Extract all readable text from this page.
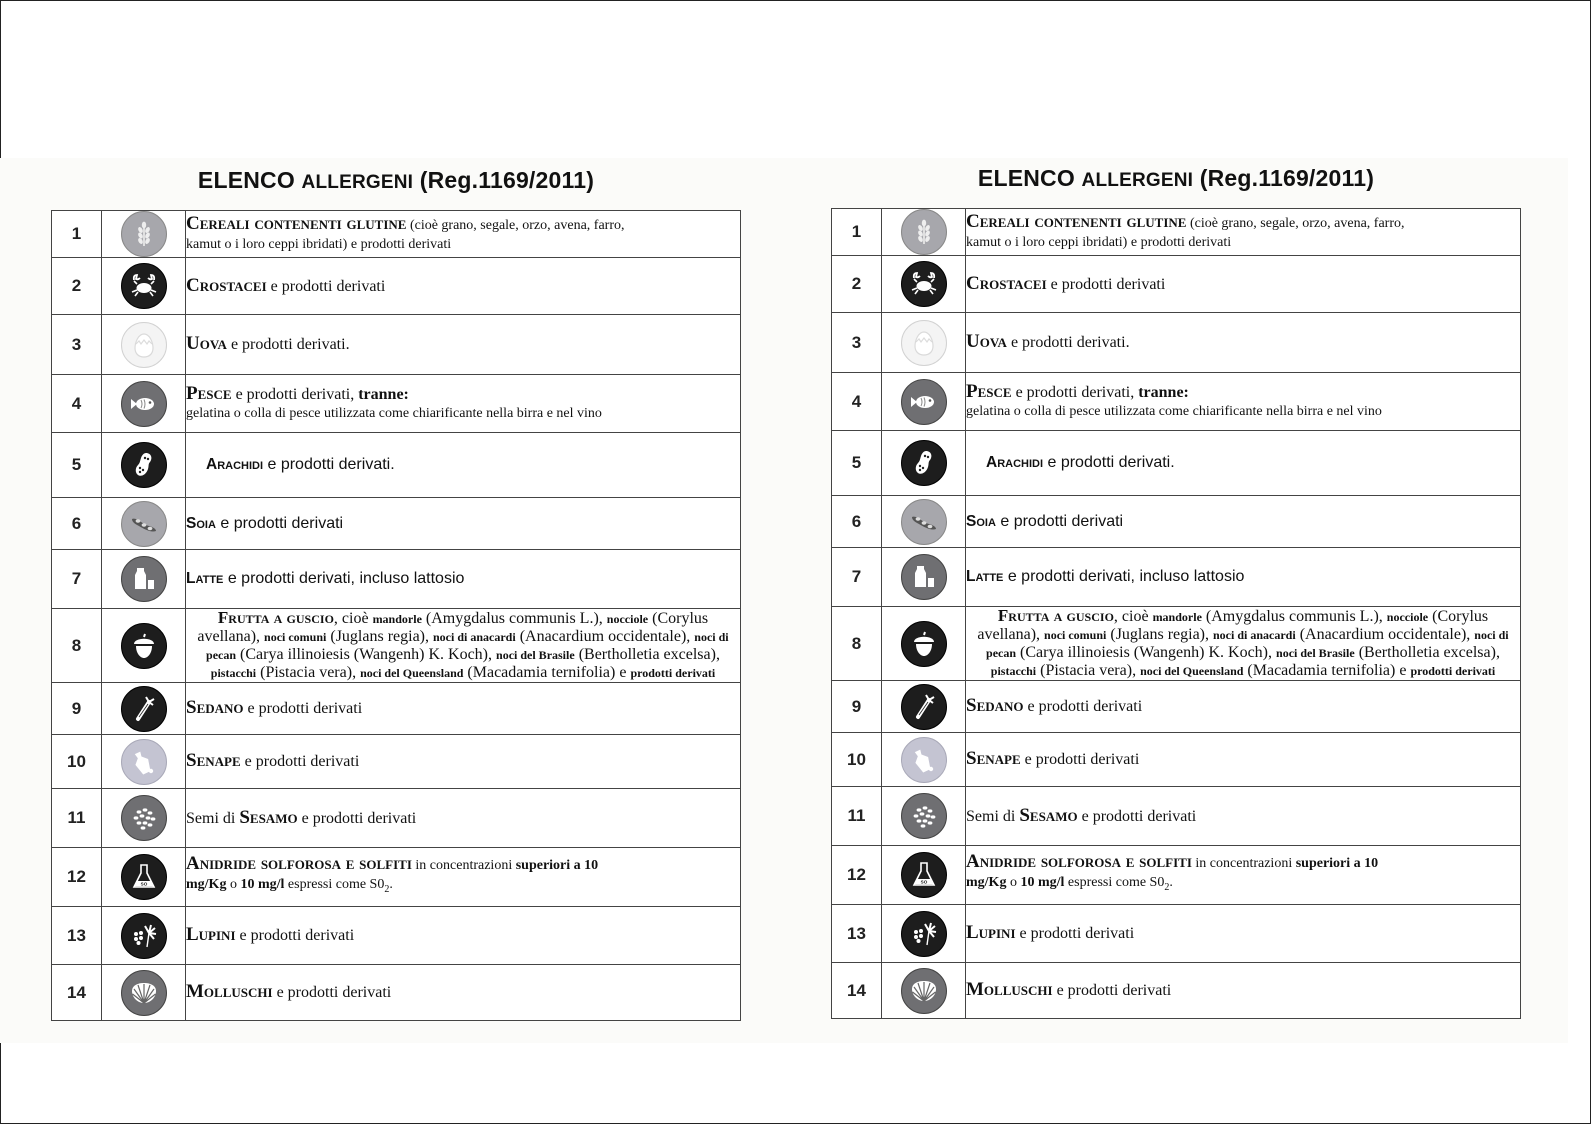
ELENCO ALLERGENI (Reg.1169/2011)
1		Cereali contenenti glutine (cioè grano, segale, orzo, avena, farro,
kamut o i loro ceppi ibridati) e prodotti derivati
2		Crostacei e prodotti derivati
3		Uova e prodotti derivati.
4		Pesce e prodotti derivati, tranne:
gelatina o colla di pesce utilizzata come chiarificante nella birra e nel vino
5		Arachidi e prodotti derivati.
6		Soia e prodotti derivati
7		Latte e prodotti derivati, incluso lattosio
8		Frutta a guscio, cioè mandorle (Amygdalus communis L.), nocciole (Corylus avellana), noci comuni (Juglans regia), noci di anacardi (Anacardium occidentale), noci di pecan (Carya illinoiesis (Wangenh) K. Koch), noci del Brasile (Bertholletia excelsa), pistacchi (Pistacia vera), noci del Queensland (Macadamia ternifolia) e prodotti derivati
9		Sedano e prodotti derivati
10		Senape e prodotti derivati
11		Semi di Sesamo e prodotti derivati
12	SO	Anidride solforosa e solfiti in concentrazioni superiori a 10
mg/Kg o 10 mg/l espressi come $S0_2$.
13		Lupini e prodotti derivati
14		Molluschi e prodotti derivati
ELENCO ALLERGENI (Reg.1169/2011)
1		Cereali contenenti glutine (cioè grano, segale, orzo, avena, farro,
kamut o i loro ceppi ibridati) e prodotti derivati
2		Crostacei e prodotti derivati
3		Uova e prodotti derivati.
4		Pesce e prodotti derivati, tranne:
gelatina o colla di pesce utilizzata come chiarificante nella birra e nel vino
5		Arachidi e prodotti derivati.
6		Soia e prodotti derivati
7		Latte e prodotti derivati, incluso lattosio
8		Frutta a guscio, cioè mandorle (Amygdalus communis L.), nocciole (Corylus avellana), noci comuni (Juglans regia), noci di anacardi (Anacardium occidentale), noci di pecan (Carya illinoiesis (Wangenh) K. Koch), noci del Brasile (Bertholletia excelsa), pistacchi (Pistacia vera), noci del Queensland (Macadamia ternifolia) e prodotti derivati
9		Sedano e prodotti derivati
10		Senape e prodotti derivati
11		Semi di Sesamo e prodotti derivati
12	SO	Anidride solforosa e solfiti in concentrazioni superiori a 10
mg/Kg o 10 mg/l espressi come $S0_2$.
13		Lupini e prodotti derivati
14		Molluschi e prodotti derivati
